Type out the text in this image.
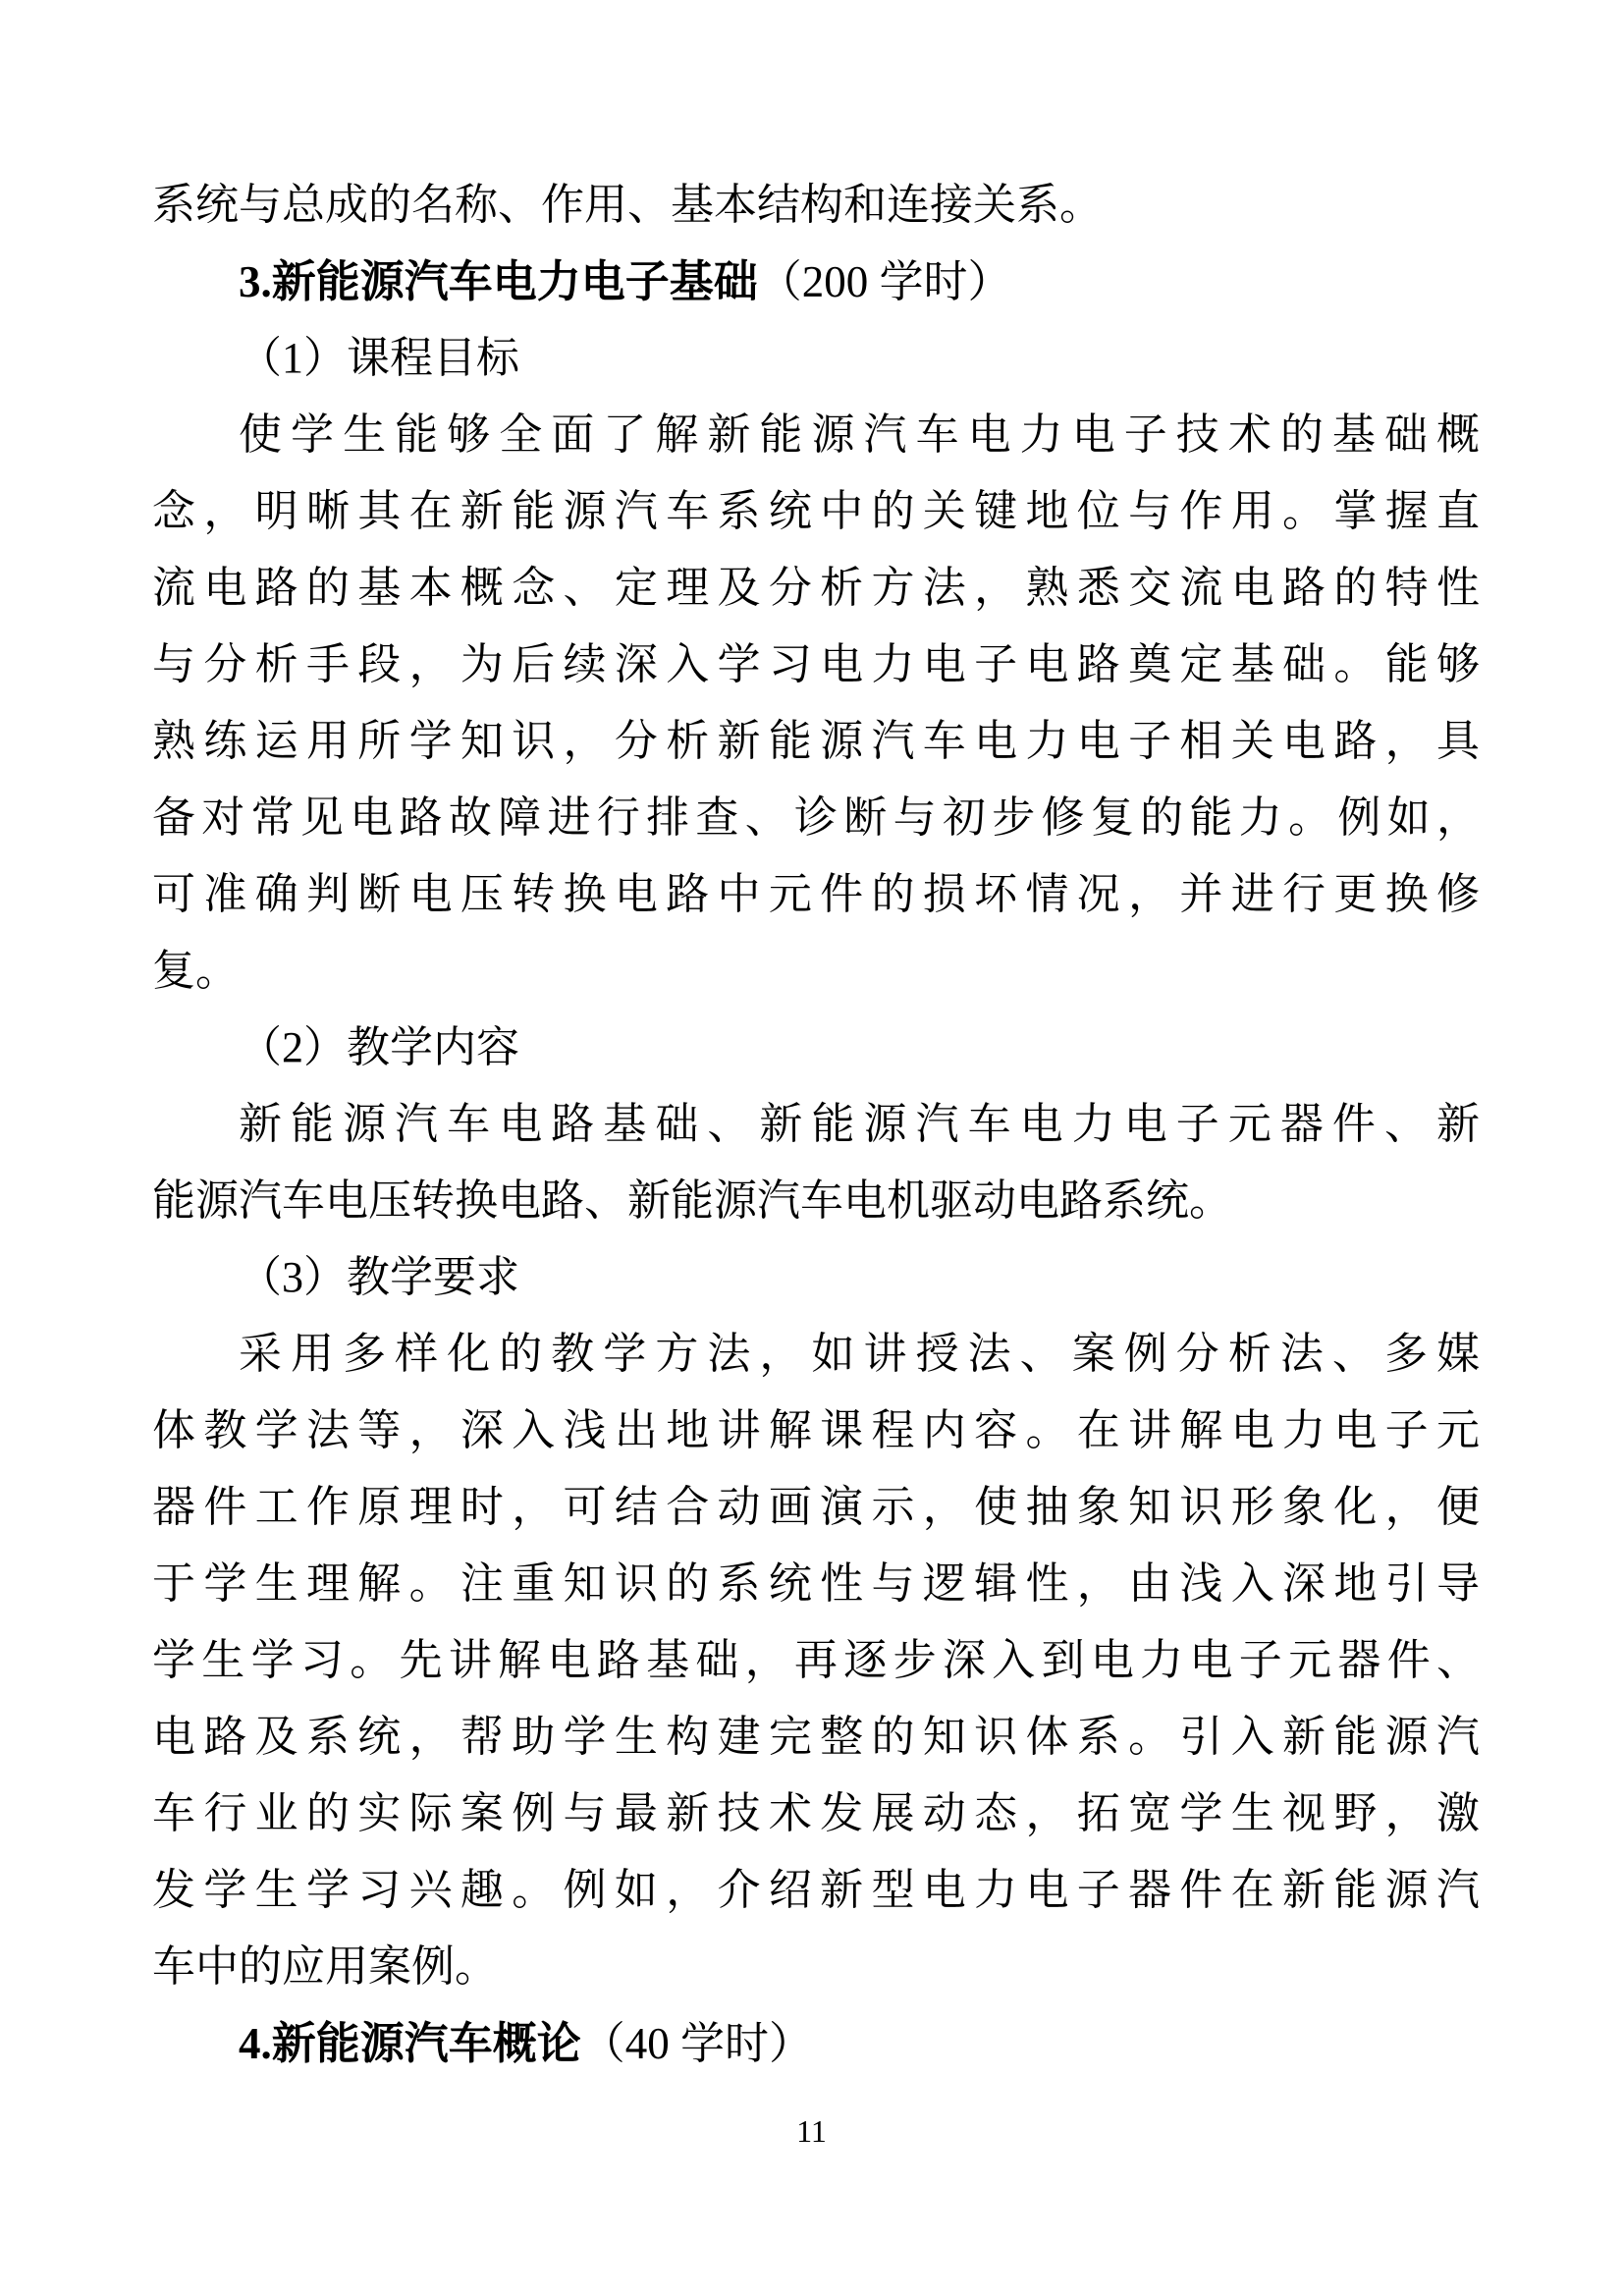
系统与总成的名称、作用、基本结构和连接关系。
3.新能源汽车电力电子基础（200 学时）
（1）课程目标
使学生能够全面了解新能源汽车电力电子技术的基础概
念，明晰其在新能源汽车系统中的关键地位与作用。掌握直
流电路的基本概念、定理及分析方法，熟悉交流电路的特性
与分析手段，为后续深入学习电力电子电路奠定基础。能够
熟练运用所学知识，分析新能源汽车电力电子相关电路，具
备对常见电路故障进行排查、诊断与初步修复的能力。例如，
可准确判断电压转换电路中元件的损坏情况，并进行更换修
复。
（2）教学内容
新能源汽车电路基础、新能源汽车电力电子元器件、新
能源汽车电压转换电路、新能源汽车电机驱动电路系统。
（3）教学要求
采用多样化的教学方法，如讲授法、案例分析法、多媒
体教学法等，深入浅出地讲解课程内容。在讲解电力电子元
器件工作原理时，可结合动画演示，使抽象知识形象化，便
于学生理解。注重知识的系统性与逻辑性，由浅入深地引导
学生学习。先讲解电路基础，再逐步深入到电力电子元器件、
电路及系统，帮助学生构建完整的知识体系。引入新能源汽
车行业的实际案例与最新技术发展动态，拓宽学生视野，激
发学生学习兴趣。例如，介绍新型电力电子器件在新能源汽
车中的应用案例。
4.新能源汽车概论（40 学时）
11
